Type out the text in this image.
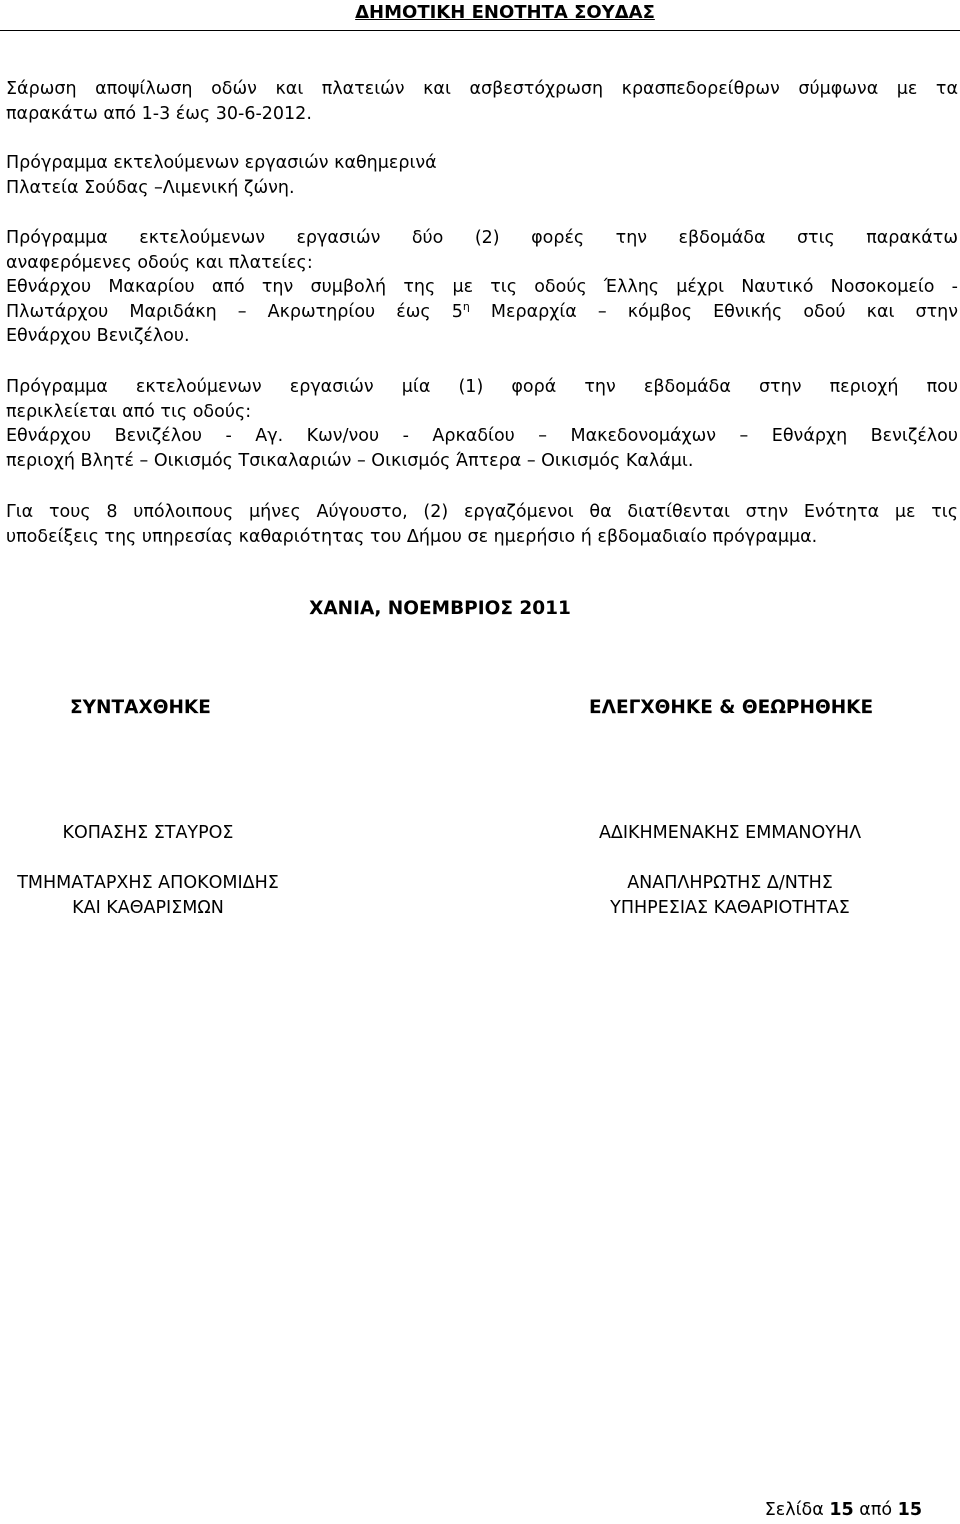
ΔΗΜΟΤΙΚΗ ΕΝΟΤΗΤΑ ΣΟΥΔΑΣ
Σάρωση αποψίλωση οδών και πλατειών και ασβεστόχρωση κρασπεδορείθρων σύμφωνα με τα
παρακάτω από 1-3 έως 30-6-2012.
Πρόγραμμα εκτελούμενων εργασιών καθημερινά
Πλατεία Σούδας –Λιμενική ζώνη.
Πρόγραμμα εκτελούμενων εργασιών δύο (2) φορές την εβδομάδα στις παρακάτω
αναφερόμενες οδούς και πλατείες:
Εθνάρχου Μακαρίου από την συμβολή της με τις οδούς Έλλης μέχρι Ναυτικό Νοσοκομείο -
Πλωτάρχου Μαριδάκη – Ακρωτηρίου έως $5^\eta$ Μεραρχία – κόμβος Εθνικής οδού και στην
Εθνάρχου Βενιζέλου.
Πρόγραμμα εκτελούμενων εργασιών μία (1) φορά την εβδομάδα στην περιοχή που
περικλείεται από τις οδούς:
Εθνάρχου Βενιζέλου - Αγ. Κων/νου - Αρκαδίου – Μακεδονομάχων – Εθνάρχη Βενιζέλου
περιοχή Βλητέ – Οικισμός Τσικαλαριών – Οικισμός Άπτερα – Οικισμός Καλάμι.
Για τους 8 υπόλοιπους μήνες Αύγουστο, (2) εργαζόμενοι θα διατίθενται στην Ενότητα με τις
υποδείξεις της υπηρεσίας καθαριότητας του Δήμου σε ημερήσιο ή εβδομαδιαίο πρόγραμμα.
ΧΑΝΙΑ, ΝΟΕΜΒΡΙΟΣ 2011
ΣΥΝΤΑΧΘΗΚΕ	ΕΛΕΓΧΘΗΚΕ & ΘΕΩΡΗΘΗΚΕ
ΚΟΠΑΣΗΣ ΣΤΑΥΡΟΣ
ΤΜΗΜΑΤΑΡΧΗΣ ΑΠΟΚΟΜΙΔΗΣ
ΚΑΙ ΚΑΘΑΡΙΣΜΩΝ
ΑΔΙΚΗΜΕΝΑΚΗΣ ΕΜΜΑΝΟΥΗΛ
ΑΝΑΠΛΗΡΩΤΗΣ Δ/ΝΤΗΣ
ΥΠΗΡΕΣΙΑΣ ΚΑΘΑΡΙΟΤΗΤΑΣ
Σελίδα 15 από 15
